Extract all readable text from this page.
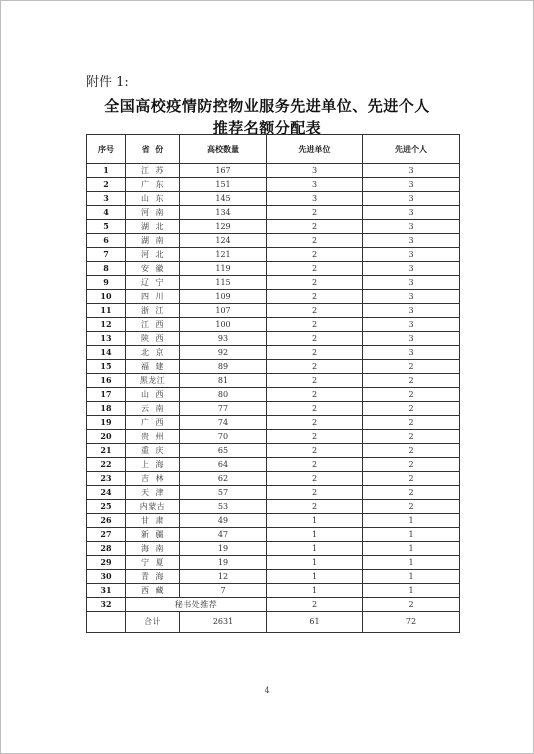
附件 1:
全国高校疫情防控物业服务先进单位、先进个人
推荐名额分配表
序号	省  份	高校数量	先进单位	先进个人
1	江  苏	167	3	3
2	广  东	151	3	3
3	山  东	145	3	3
4	河  南	134	2	3
5	湖  北	129	2	3
6	湖  南	124	2	3
7	河  北	121	2	3
8	安  徽	119	2	3
9	辽  宁	115	2	3
10	四  川	109	2	3
11	浙  江	107	2	3
12	江  西	100	2	3
13	陕  西	93	2	3
14	北  京	92	2	3
15	福  建	89	2	2
16	黑龙江	81	2	2
17	山  西	80	2	2
18	云  南	77	2	2
19	广  西	74	2	2
20	贵  州	70	2	2
21	重  庆	65	2	2
22	上  海	64	2	2
23	吉  林	62	2	2
24	天  津	57	2	2
25	内蒙古	53	2	2
26	甘  肃	49	1	1
27	新  疆	47	1	1
28	海  南	19	1	1
29	宁  夏	19	1	1
30	青  海	12	1	1
31	西  藏	7	1	1
32	秘书处推荐		2	2
	合计	2631	61	72
4
